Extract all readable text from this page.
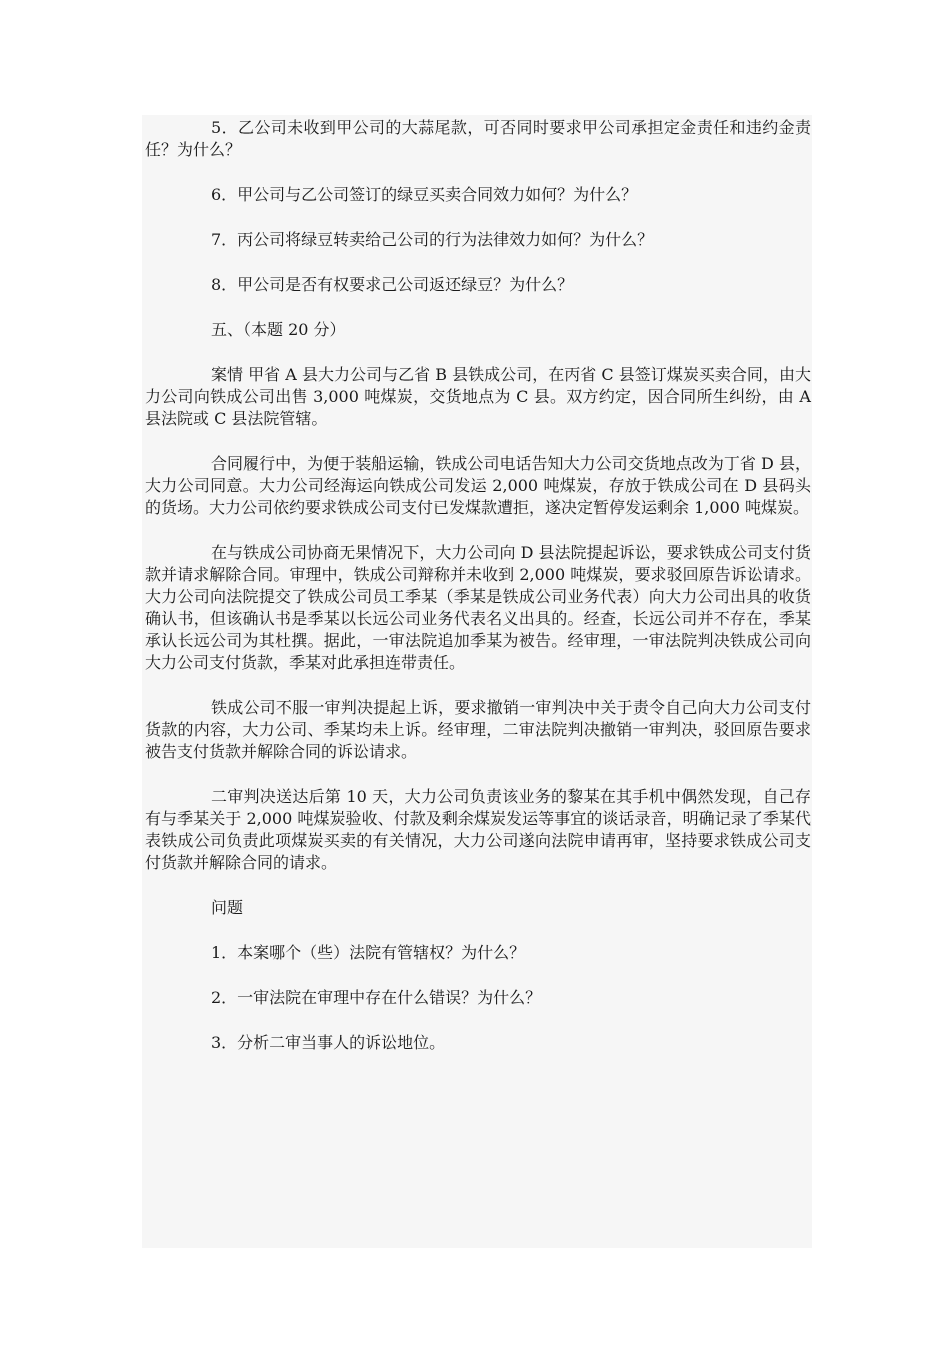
5．乙公司未收到甲公司的大蒜尾款，可否同时要求甲公司承担定金责任和违约金责任？为什么？

6．甲公司与乙公司签订的绿豆买卖合同效力如何？为什么？

7．丙公司将绿豆转卖给己公司的行为法律效力如何？为什么？

8．甲公司是否有权要求己公司返还绿豆？为什么？

五、（本题 20 分）

案情 甲省 A 县大力公司与乙省 B 县铁成公司，在丙省 C 县签订煤炭买卖合同，由大力公司向铁成公司出售 3,000 吨煤炭，交货地点为 C 县。双方约定，因合同所生纠纷，由 A 县法院或 C 县法院管辖。

合同履行中，为便于装船运输，铁成公司电话告知大力公司交货地点改为丁省 D 县，大力公司同意。大力公司经海运向铁成公司发运 2,000 吨煤炭，存放于铁成公司在 D 县码头的货场。大力公司依约要求铁成公司支付已发煤款遭拒，遂决定暂停发运剩余 1,000 吨煤炭。

在与铁成公司协商无果情况下，大力公司向 D 县法院提起诉讼，要求铁成公司支付货款并请求解除合同。审理中，铁成公司辩称并未收到 2,000 吨煤炭，要求驳回原告诉讼请求。大力公司向法院提交了铁成公司员工季某（季某是铁成公司业务代表）向大力公司出具的收货确认书，但该确认书是季某以长远公司业务代表名义出具的。经查，长远公司并不存在，季某承认长远公司为其杜撰。据此，一审法院追加季某为被告。经审理，一审法院判决铁成公司向大力公司支付货款，季某对此承担连带责任。

铁成公司不服一审判决提起上诉，要求撤销一审判决中关于责令自己向大力公司支付货款的内容，大力公司、季某均未上诉。经审理，二审法院判决撤销一审判决，驳回原告要求被告支付货款并解除合同的诉讼请求。

二审判决送达后第 10 天，大力公司负责该业务的黎某在其手机中偶然发现，自己存有与季某关于 2,000 吨煤炭验收、付款及剩余煤炭发运等事宜的谈话录音，明确记录了季某代表铁成公司负责此项煤炭买卖的有关情况，大力公司遂向法院申请再审，坚持要求铁成公司支付货款并解除合同的请求。

问题

1．本案哪个（些）法院有管辖权？为什么？

2．一审法院在审理中存在什么错误？为什么？

3．分析二审当事人的诉讼地位。
